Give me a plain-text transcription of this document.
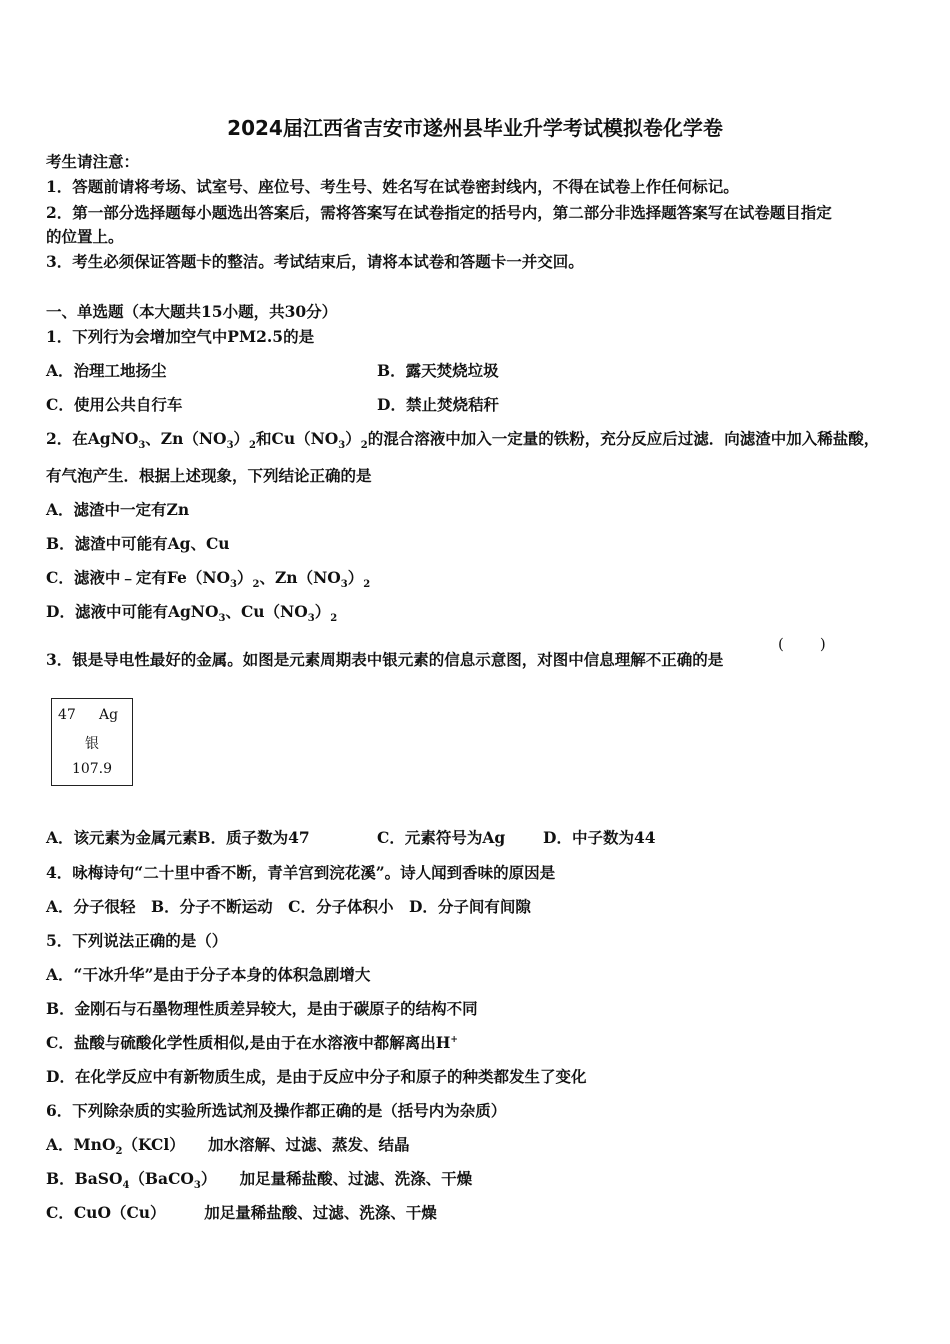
2024届江西省吉安市遂州县毕业升学考试模拟卷化学卷
考生请注意：
1．答题前请将考场、试室号、座位号、考生号、姓名写在试卷密封线内，不得在试卷上作任何标记。
2．第一部分选择题每小题选出答案后，需将答案写在试卷指定的括号内，第二部分非选择题答案写在试卷题目指定
的位置上。
3．考生必须保证答题卡的整洁。考试结束后，请将本试卷和答题卡一并交回。
一、单选题（本大题共15小题，共30分）
1．下列行为会增加空气中PM2.5的是
A．治理工地扬尘	B．露天焚烧垃圾
C．使用公共自行车	D．禁止焚烧秸秆
2．在AgNO$_3$、$Zn(NO_3)_2$和$Cu(NO_3)_2$的混合溶液中加入一定量的铁粉，充分反应后过滤．向滤渣中加入稀盐酸，
有气泡产生．根据上述现象，下列结论正确的是
A．滤渣中一定有Zn
B．滤渣中可能有Ag、Cu
C．滤液中﹣定有$Fe(NO_3)_2$、$Zn(NO_3)_2$
D．滤液中可能有AgNO$_3$、$Cu(NO_3)_2$
3．银是导电性最好的金属。如图是元素周期表中银元素的信息示意图，对图中信息理解不正确的是
( )
47 Ag
银
107.9
A．该元素为金属元素B．质子数为47	C．元素符号为Ag D．中子数为44
4．咏梅诗句“二十里中香不断，青羊宫到浣花溪”。诗人闻到香味的原因是
A．分子很轻　B．分子不断运动　C．分子体积小　D．分子间有间隙
5．下列说法正确的是（）
A．“干冰升华”是由于分子本身的体积急剧增大
B．金刚石与石墨物理性质差异较大，是由于碳原子的结构不同
C．盐酸与硫酸化学性质相似,是由于在水溶液中都解离出H+
D．在化学反应中有新物质生成，是由于反应中分子和原子的种类都发生了变化
6．下列除杂质的实验所选试剂及操作都正确的是（括号内为杂质）
A．MnO$_2$（KCl）　　加水溶解、过滤、蒸发、结晶
B．BaSO$_4$（BaCO$_3$）　　加足量稀盐酸、过滤、洗涤、干燥
C．CuO（Cu）　　　加足量稀盐酸、过滤、洗涤、干燥
